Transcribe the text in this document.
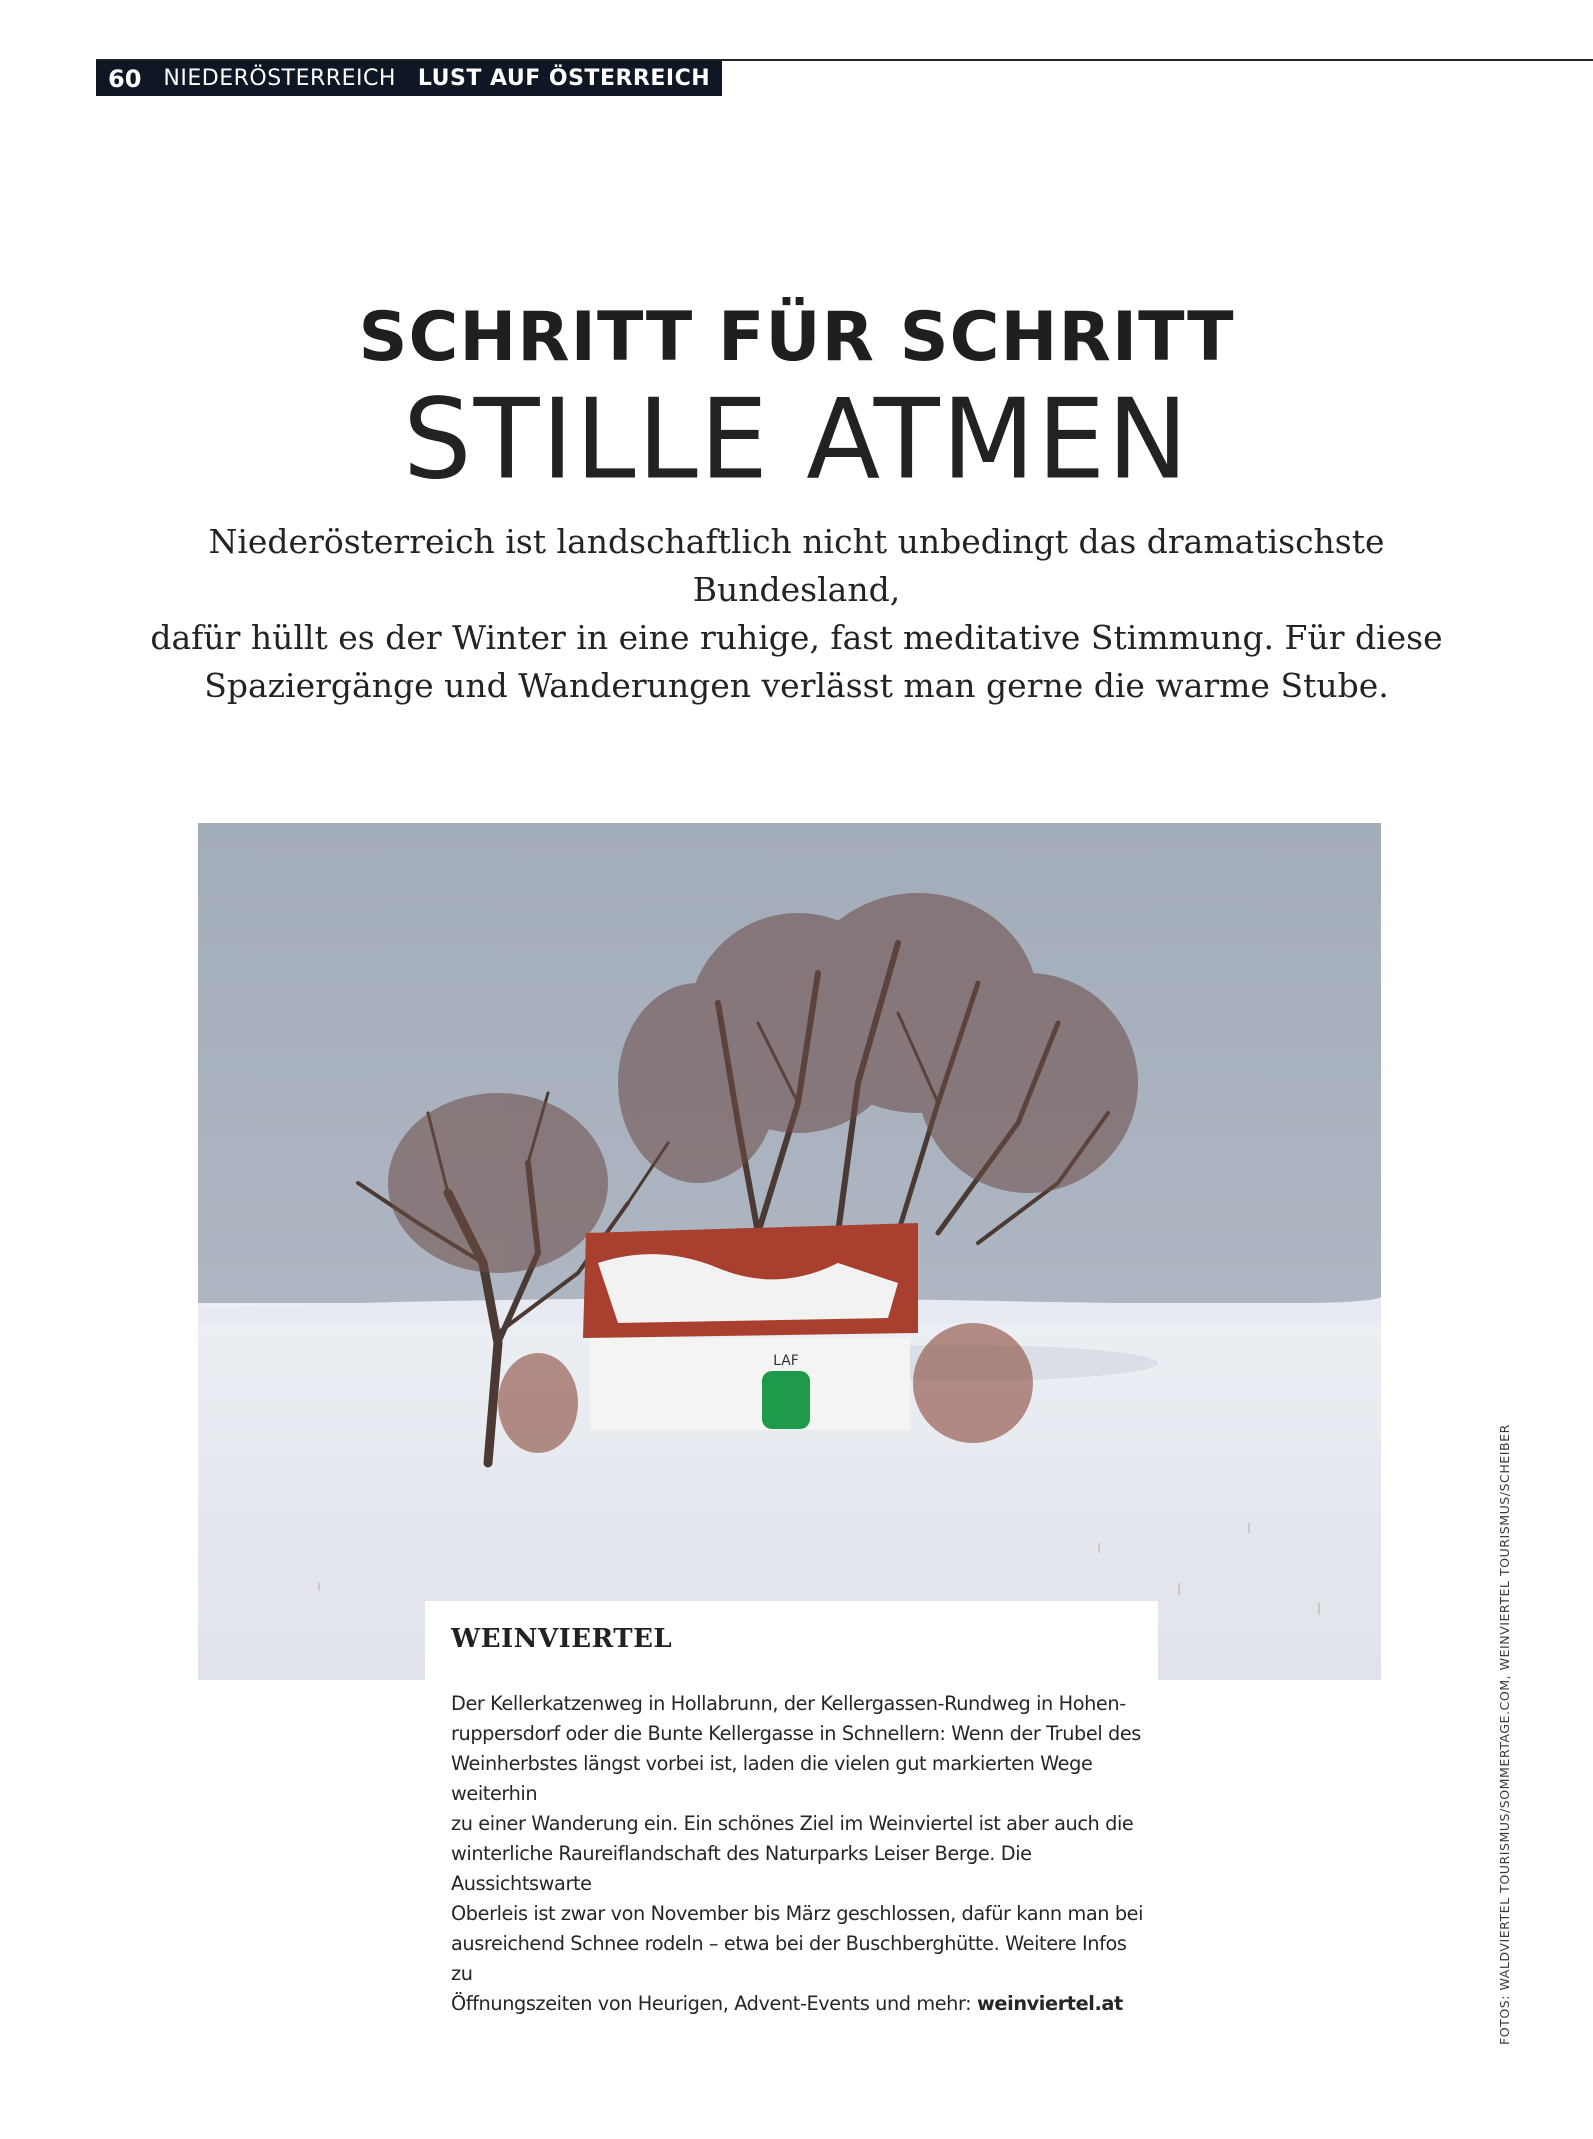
60 NIEDERÖSTERREICH LUST AUF ÖSTERREICH
SCHRITT FÜR SCHRITT
STILLE ATMEN
Niederösterreich ist landschaftlich nicht unbedingt das dramatischste Bundesland,
dafür hüllt es der Winter in eine ruhige, fast meditative Stimmung. Für diese
Spaziergänge und Wanderungen verlässt man gerne die warme Stube.
LAF
WEINVIERTEL
Der Kellerkatzenweg in Hollabrunn, der Kellergassen-Rundweg in Hohen-
ruppersdorf oder die Bunte Kellergasse in Schnellern: Wenn der Trubel des
Weinherbstes längst vorbei ist, laden die vielen gut markierten Wege weiterhin
zu einer Wanderung ein. Ein schönes Ziel im Weinviertel ist aber auch die
winterliche Raureiflandschaft des Naturparks Leiser Berge. Die Aussichtswarte
Oberleis ist zwar von November bis März geschlossen, dafür kann man bei
ausreichend Schnee rodeln – etwa bei der Buschberghütte. Weitere Infos zu
Öffnungszeiten von Heurigen, Advent-Events und mehr: weinviertel.at	FOTOS: WALDVIERTEL TOURISMUS/SOMMERTAGE.COM, WEINVIERTEL TOURISMUS/SCHEIBER
